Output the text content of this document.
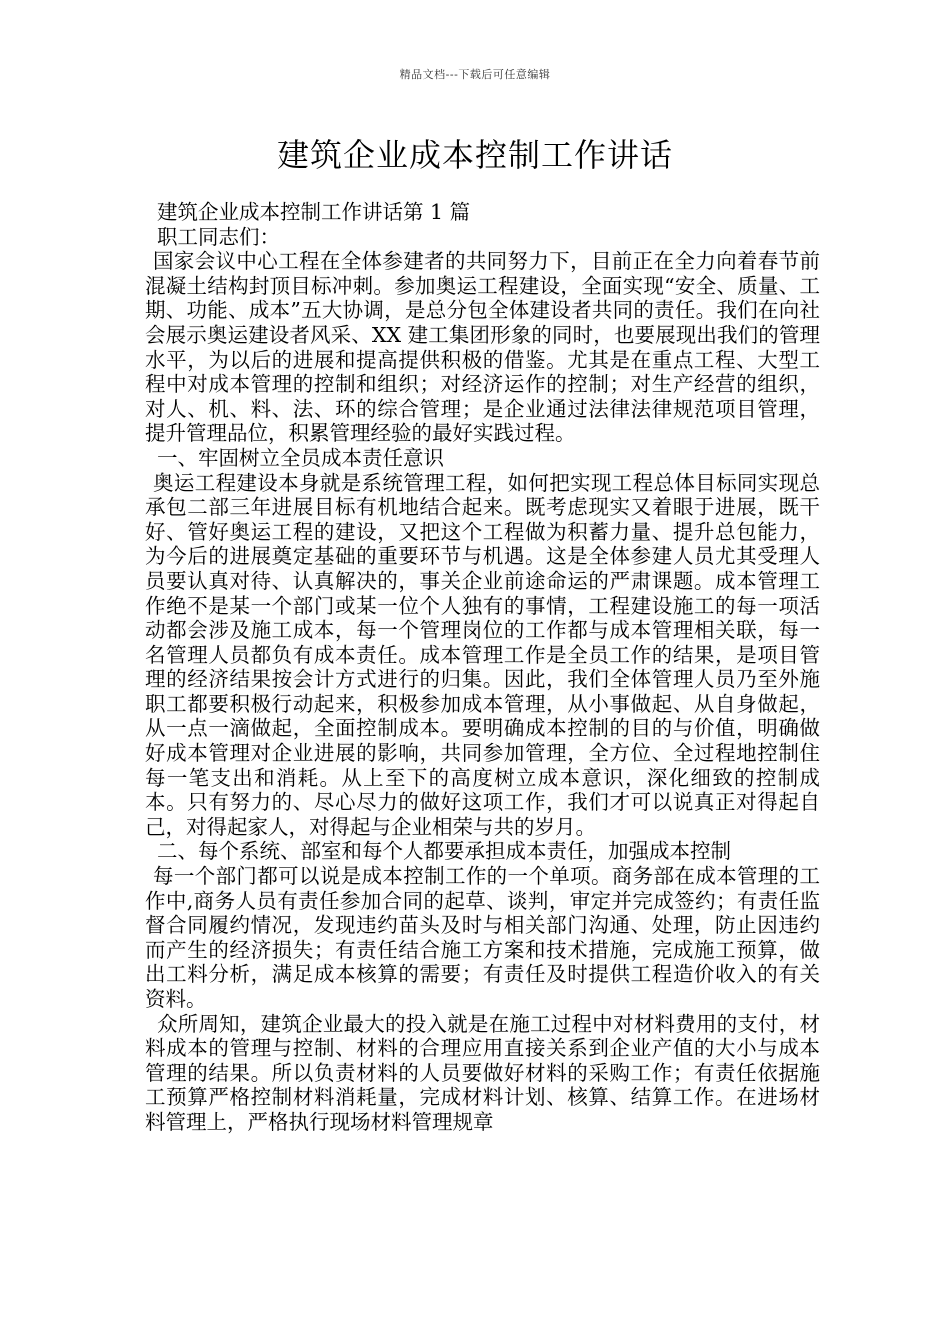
精品文档---下载后可任意编辑
建筑企业成本控制工作讲话

建筑企业成本控制工作讲话第 1 篇

职工同志们：

国家会议中心工程在全体参建者的共同努力下，目前正在全力向着春节前混凝土结构封顶目标冲刺。参加奥运工程建设，全面实现“安全、质量、工期、功能、成本”五大协调，是总分包全体建设者共同的责任。我们在向社会展示奥运建设者风采、XX 建工集团形象的同时，也要展现出我们的管理水平，为以后的进展和提高提供积极的借鉴。尤其是在重点工程、大型工程中对成本管理的控制和组织；对经济运作的控制；对生产经营的组织，对人、机、料、法、环的综合管理；是企业通过法律法律规范项目管理，提升管理品位，积累管理经验的最好实践过程。

一、牢固树立全员成本责任意识

奥运工程建设本身就是系统管理工程，如何把实现工程总体目标同实现总承包二部三年进展目标有机地结合起来。既考虑现实又着眼于进展，既干好、管好奥运工程的建设，又把这个工程做为积蓄力量、提升总包能力，为今后的进展奠定基础的重要环节与机遇。这是全体参建人员尤其受理人员要认真对待、认真解决的，事关企业前途命运的严肃课题。成本管理工作绝不是某一个部门或某一位个人独有的事情，工程建设施工的每一项活动都会涉及施工成本，每一个管理岗位的工作都与成本管理相关联，每一名管理人员都负有成本责任。成本管理工作是全员工作的结果，是项目管理的经济结果按会计方式进行的归集。因此，我们全体管理人员乃至外施职工都要积极行动起来，积极参加成本管理，从小事做起、从自身做起，从一点一滴做起，全面控制成本。要明确成本控制的目的与价值，明确做好成本管理对企业进展的影响，共同参加管理，全方位、全过程地控制住每一笔支出和消耗。从上至下的高度树立成本意识，深化细致的控制成本。只有努力的、尽心尽力的做好这项工作，我们才可以说真正对得起自己，对得起家人，对得起与企业相荣与共的岁月。

二、每个系统、部室和每个人都要承担成本责任，加强成本控制

每一个部门都可以说是成本控制工作的一个单项。商务部在成本管理的工作中,商务人员有责任参加合同的起草、谈判，审定并完成签约；有责任监督合同履约情况，发现违约苗头及时与相关部门沟通、处理，防止因违约而产生的经济损失；有责任结合施工方案和技术措施，完成施工预算，做出工料分析，满足成本核算的需要；有责任及时提供工程造价收入的有关资料。

众所周知，建筑企业最大的投入就是在施工过程中对材料费用的支付，材料成本的管理与控制、材料的合理应用直接关系到企业产值的大小与成本管理的结果。所以负责材料的人员要做好材料的采购工作；有责任依据施工预算严格控制材料消耗量，完成材料计划、核算、结算工作。在进场材料管理上，严格执行现场材料管理规章
